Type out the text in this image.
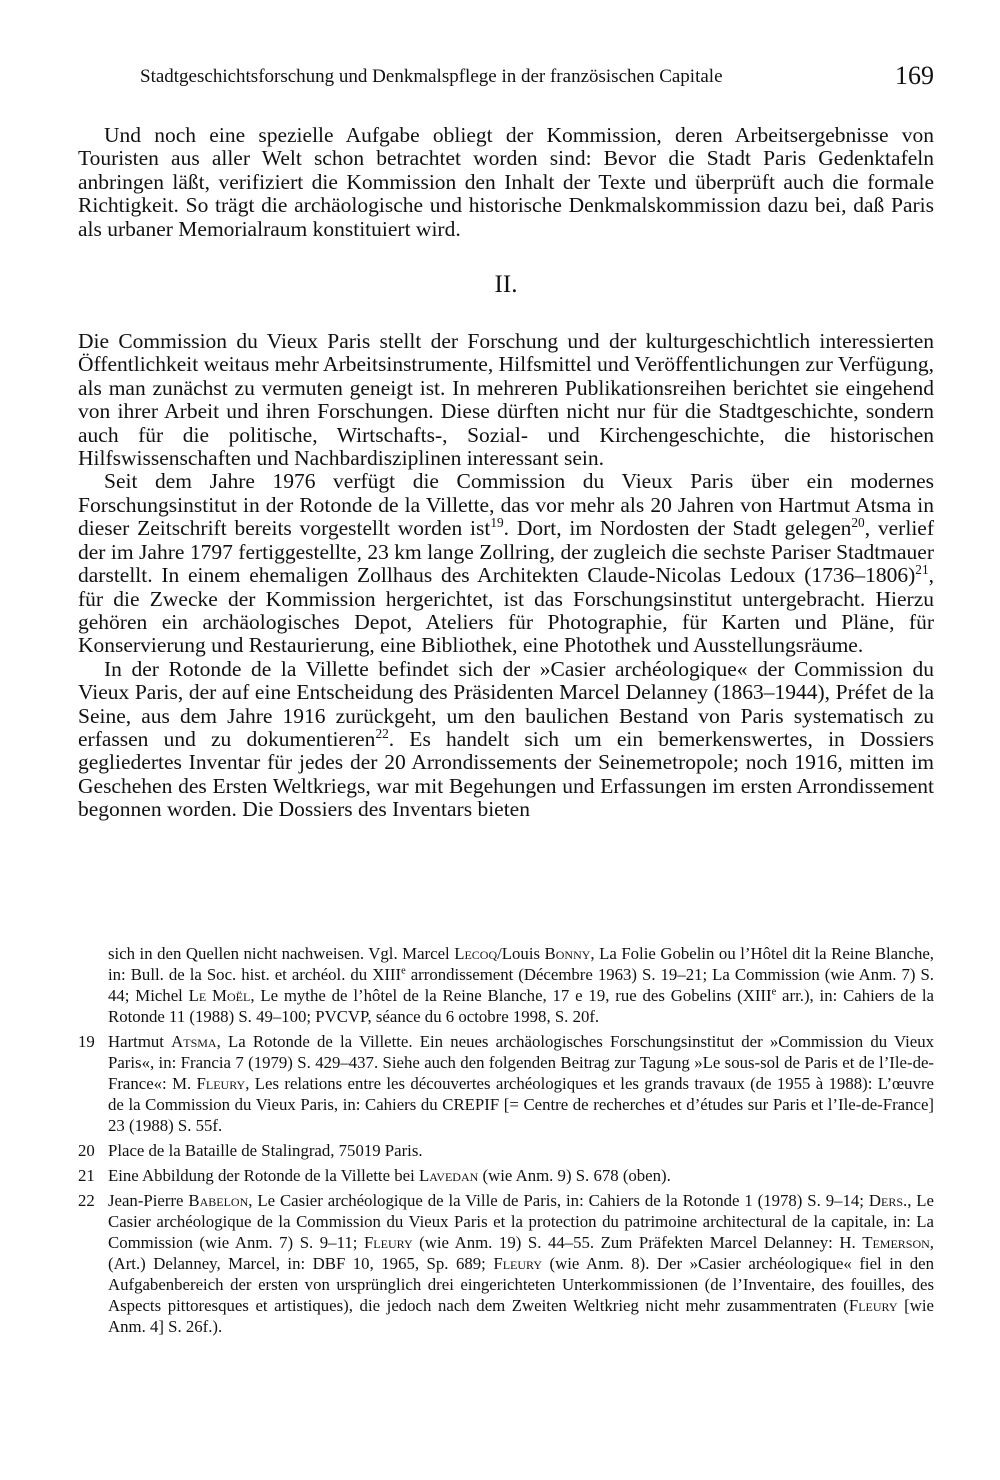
Stadtgeschichtsforschung und Denkmalspflege in der französischen Capitale	169

Und noch eine spezielle Aufgabe obliegt der Kommission, deren Arbeitsergebnisse von Touristen aus aller Welt schon betrachtet worden sind: Bevor die Stadt Paris Gedenktafeln anbringen läßt, verifiziert die Kommission den Inhalt der Texte und überprüft auch die formale Richtigkeit. So trägt die archäologische und historische Denkmalskommission dazu bei, daß Paris als urbaner Memorialraum konstituiert wird.

II.

Die Commission du Vieux Paris stellt der Forschung und der kulturgeschichtlich interessierten Öffentlichkeit weitaus mehr Arbeitsinstrumente, Hilfsmittel und Veröffentlichungen zur Verfügung, als man zunächst zu vermuten geneigt ist. In mehreren Publikationsreihen berichtet sie eingehend von ihrer Arbeit und ihren Forschungen. Diese dürften nicht nur für die Stadtgeschichte, sondern auch für die politische, Wirtschafts-, Sozial- und Kirchengeschichte, die historischen Hilfswissenschaften und Nachbardisziplinen interessant sein.

Seit dem Jahre 1976 verfügt die Commission du Vieux Paris über ein modernes Forschungsinstitut in der Rotonde de la Villette, das vor mehr als 20 Jahren von Hartmut Atsma in dieser Zeitschrift bereits vorgestellt worden ist$^{19}$. Dort, im Nordosten der Stadt gelegen$^{20}$, verlief der im Jahre 1797 fertiggestellte, 23 km lange Zollring, der zugleich die sechste Pariser Stadtmauer darstellt. In einem ehemaligen Zollhaus des Architekten Claude-Nicolas Ledoux (1736–1806)$^{21}$, für die Zwecke der Kommission hergerichtet, ist das Forschungsinstitut untergebracht. Hierzu gehören ein archäologisches Depot, Ateliers für Photographie, für Karten und Pläne, für Konservierung und Restaurierung, eine Bibliothek, eine Photothek und Ausstellungsräume.

In der Rotonde de la Villette befindet sich der »Casier archéologique« der Commission du Vieux Paris, der auf eine Entscheidung des Präsidenten Marcel Delanney (1863–1944), Préfet de la Seine, aus dem Jahre 1916 zurückgeht, um den baulichen Bestand von Paris systematisch zu erfassen und zu dokumentieren$^{22}$. Es handelt sich um ein bemerkenswertes, in Dossiers gegliedertes Inventar für jedes der 20 Arrondissements der Seinemetropole; noch 1916, mitten im Geschehen des Ersten Weltkriegs, war mit Begehungen und Erfassungen im ersten Arrondissement begonnen worden. Die Dossiers des Inventars bieten

sich in den Quellen nicht nachweisen. Vgl. Marcel Lecoq/Louis Bonny, La Folie Gobelin ou l’Hôtel dit la Reine Blanche, in: Bull. de la Soc. hist. et archéol. du XIIIe arrondissement (Décembre 1963) S. 19–21; La Commission (wie Anm. 7) S. 44; Michel Le Moël, Le mythe de l’hôtel de la Reine Blanche, 17 e 19, rue des Gobelins (XIIIe arr.), in: Cahiers de la Rotonde 11 (1988) S. 49–100; PVCVP, séance du 6 octobre 1998, S. 20f.

19 Hartmut Atsma, La Rotonde de la Villette. Ein neues archäologisches Forschungsinstitut der »Commission du Vieux Paris«, in: Francia 7 (1979) S. 429–437. Siehe auch den folgenden Beitrag zur Tagung »Le sous-sol de Paris et de l’Ile-de-France«: M. Fleury, Les relations entre les découvertes archéologiques et les grands travaux (de 1955 à 1988): L’œuvre de la Commission du Vieux Paris, in: Cahiers du CREPIF [= Centre de recherches et d’études sur Paris et l’Ile-de-France] 23 (1988) S. 55f.

20 Place de la Bataille de Stalingrad, 75019 Paris.

21 Eine Abbildung der Rotonde de la Villette bei Lavedan (wie Anm. 9) S. 678 (oben).

22 Jean-Pierre Babelon, Le Casier archéologique de la Ville de Paris, in: Cahiers de la Rotonde 1 (1978) S. 9–14; Ders., Le Casier archéologique de la Commission du Vieux Paris et la protection du patrimoine architectural de la capitale, in: La Commission (wie Anm. 7) S. 9–11; Fleury (wie Anm. 19) S. 44–55. Zum Präfekten Marcel Delanney: H. Temerson, (Art.) Delanney, Marcel, in: DBF 10, 1965, Sp. 689; Fleury (wie Anm. 8). Der »Casier archéologique« fiel in den Aufgabenbereich der ersten von ursprünglich drei eingerichteten Unterkommissionen (de l’Inventaire, des fouilles, des Aspects pittoresques et artistiques), die jedoch nach dem Zweiten Weltkrieg nicht mehr zusammentraten (Fleury [wie Anm. 4] S. 26f.).
